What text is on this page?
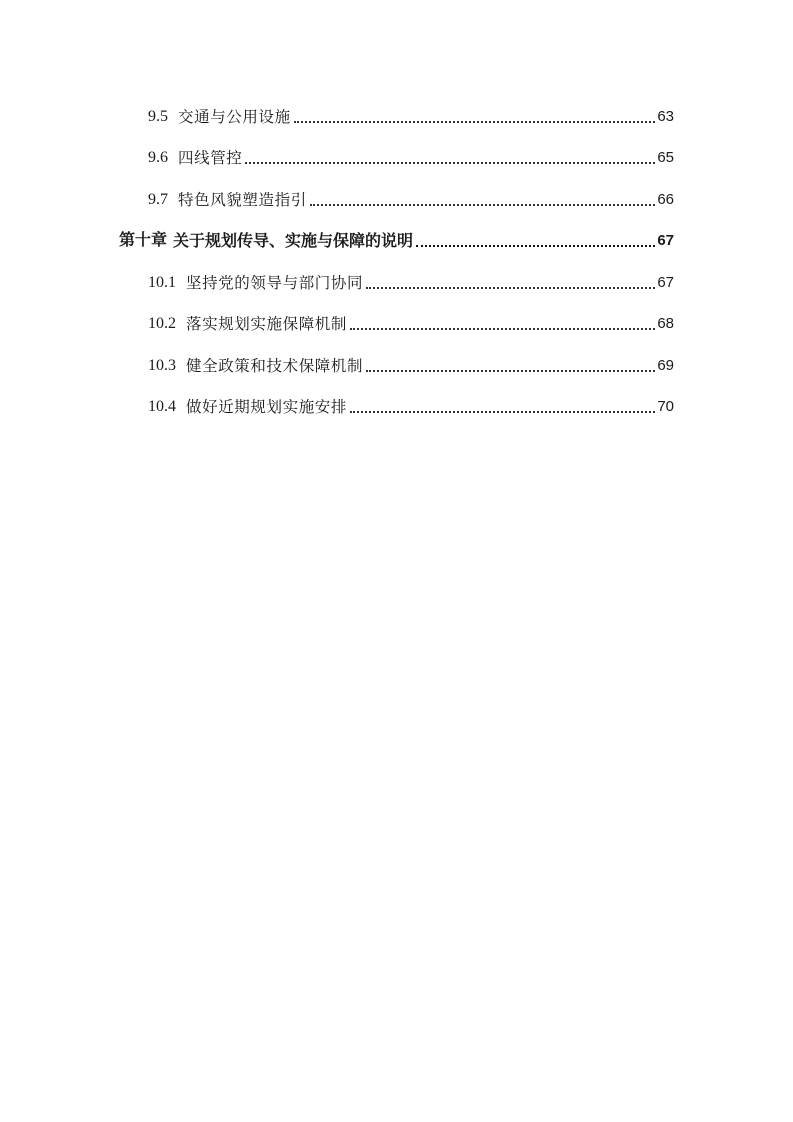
9.5 交通与公用设施	63
9.6 四线管控	65
9.7 特色风貌塑造指引	66
第十章 关于规划传导、实施与保障的说明	67
10.1 坚持党的领导与部门协同	67
10.2 落实规划实施保障机制	68
10.3 健全政策和技术保障机制	69
10.4 做好近期规划实施安排	70
